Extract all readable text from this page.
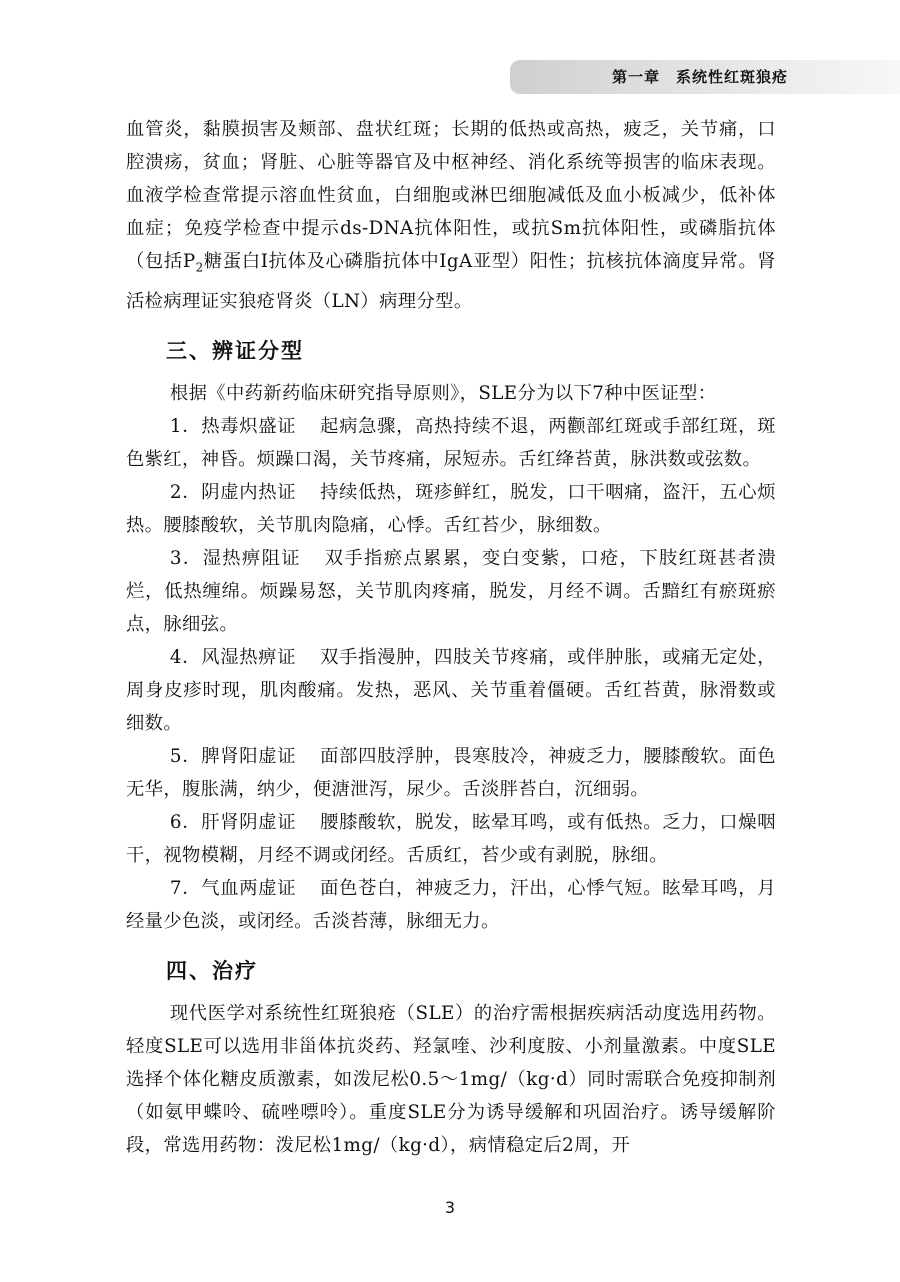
第一章 系统性红斑狼疮

血管炎，黏膜损害及颊部、盘状红斑；长期的低热或高热，疲乏，关节痛，口腔溃疡，贫血；肾脏、心脏等器官及中枢神经、消化系统等损害的临床表现。血液学检查常提示溶血性贫血，白细胞或淋巴细胞减低及血小板减少，低补体血症；免疫学检查中提示ds-DNA抗体阳性，或抗Sm抗体阳性，或磷脂抗体（包括$P_2$糖蛋白Ⅰ抗体及心磷脂抗体中IgA亚型）阳性；抗核抗体滴度异常。肾活检病理证实狼疮肾炎（LN）病理分型。

三、辨证分型

根据《中药新药临床研究指导原则》，SLE分为以下7种中医证型：

1．热毒炽盛证 起病急骤，高热持续不退，两颧部红斑或手部红斑，斑色紫红，神昏。烦躁口渴，关节疼痛，尿短赤。舌红绛苔黄，脉洪数或弦数。

2．阴虚内热证 持续低热，斑疹鲜红，脱发，口干咽痛，盗汗，五心烦热。腰膝酸软，关节肌肉隐痛，心悸。舌红苔少，脉细数。

3．湿热痹阻证 双手指瘀点累累，变白变紫，口疮，下肢红斑甚者溃烂，低热缠绵。烦躁易怒，关节肌肉疼痛，脱发，月经不调。舌黯红有瘀斑瘀点，脉细弦。

4．风湿热痹证 双手指漫肿，四肢关节疼痛，或伴肿胀，或痛无定处，周身皮疹时现，肌肉酸痛。发热，恶风、关节重着僵硬。舌红苔黄，脉滑数或细数。

5．脾肾阳虚证 面部四肢浮肿，畏寒肢冷，神疲乏力，腰膝酸软。面色无华，腹胀满，纳少，便溏泄泻，尿少。舌淡胖苔白，沉细弱。

6．肝肾阴虚证 腰膝酸软，脱发，眩晕耳鸣，或有低热。乏力，口燥咽干，视物模糊，月经不调或闭经。舌质红，苔少或有剥脱，脉细。

7．气血两虚证 面色苍白，神疲乏力，汗出，心悸气短。眩晕耳鸣，月经量少色淡，或闭经。舌淡苔薄，脉细无力。

四、治疗

现代医学对系统性红斑狼疮（SLE）的治疗需根据疾病活动度选用药物。轻度SLE可以选用非甾体抗炎药、羟氯喹、沙利度胺、小剂量激素。中度SLE选择个体化糖皮质激素，如泼尼松0.5～1mg/（kg·d）同时需联合免疫抑制剂（如氨甲蝶呤、硫唑嘌呤）。重度SLE分为诱导缓解和巩固治疗。诱导缓解阶段，常选用药物：泼尼松1mg/（kg·d），病情稳定后2周，开

3
